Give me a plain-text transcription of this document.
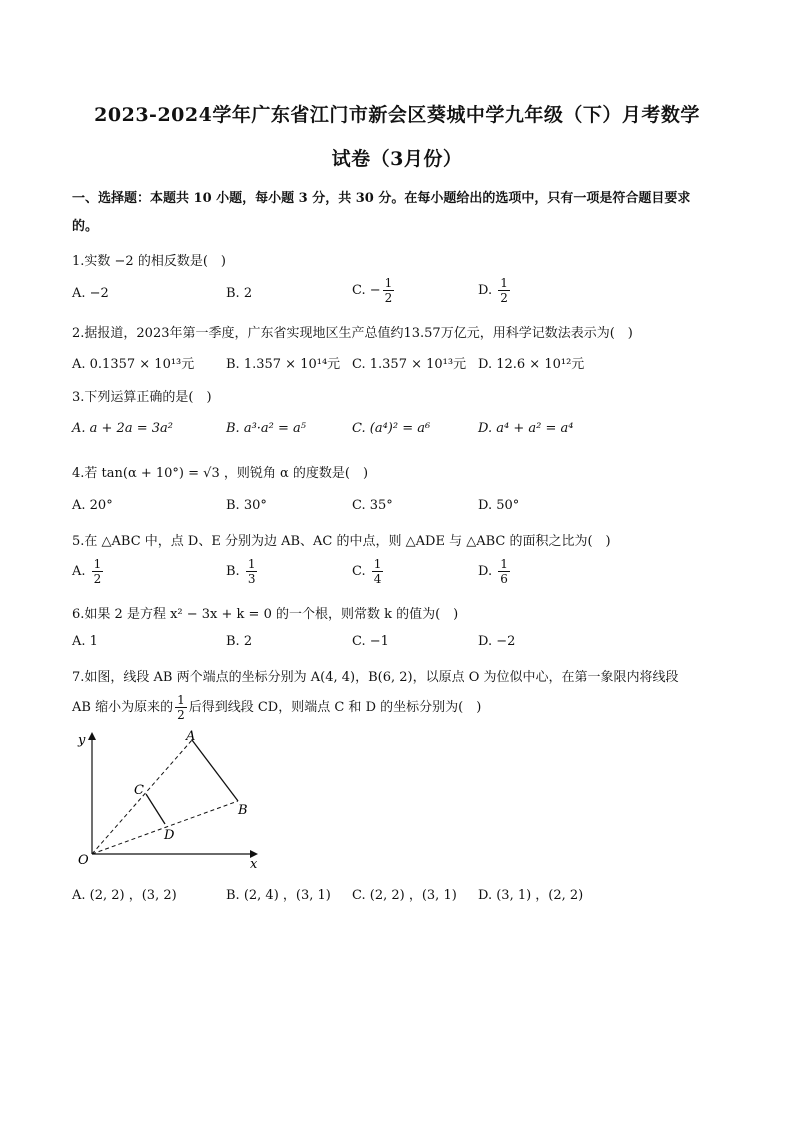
2023-2024学年广东省江门市新会区葵城中学九年级（下）月考数学
试卷（3月份）
一、选择题：本题共 10 小题，每小题 3 分，共 30 分。在每小题给出的选项中，只有一项是符合题目要求
的。
1.实数 −2 的相反数是(　)
A. −2	B. 2	C. − $\frac{1}{2}$	D. $\frac{1}{2}$
2.据报道，2023年第一季度，广东省实现地区生产总值约13.57万亿元，用科学记数法表示为(　)
A. 0.1357 × 10¹³元 B. 1.357 × 10¹⁴元 C. 1.357 × 10¹³元 D. 12.6 × 10¹²元
3.下列运算正确的是(　)
A. a + 2a = 3a²	B. a³·a² = a⁵	C. (a⁴)² = a⁶	D. a⁴ + a² = a⁴
4.若 tan(α + 10°) = √3 ，则锐角 α 的度数是(　)
A. 20°	B. 30°	C. 35°	D. 50°
5.在 △ABC 中，点 D、E 分别为边 AB、AC 的中点，则 △ADE 与 △ABC 的面积之比为(　)
A. $\frac{1}{2}$	B. $\frac{1}{3}$	C. $\frac{1}{4}$	D. $\frac{1}{6}$
6.如果 2 是方程 x² − 3x + k = 0 的一个根，则常数 k 的值为(　)
A. 1	B. 2	C. −1	D. −2
7.如图，线段 AB 两个端点的坐标分别为 A(4, 4)，B(6, 2)，以原点 O 为位似中心，在第一象限内将线段
AB 缩小为原来的 $\frac{1}{2}$ 后得到线段 CD，则端点 C 和 D 的坐标分别为(　)
y
x
O
A
B
C
D
A. (2, 2) ，(3, 2)	B. (2, 4) ，(3, 1) C. (2, 2) ，(3, 1) D. (3, 1) ，(2, 2)
